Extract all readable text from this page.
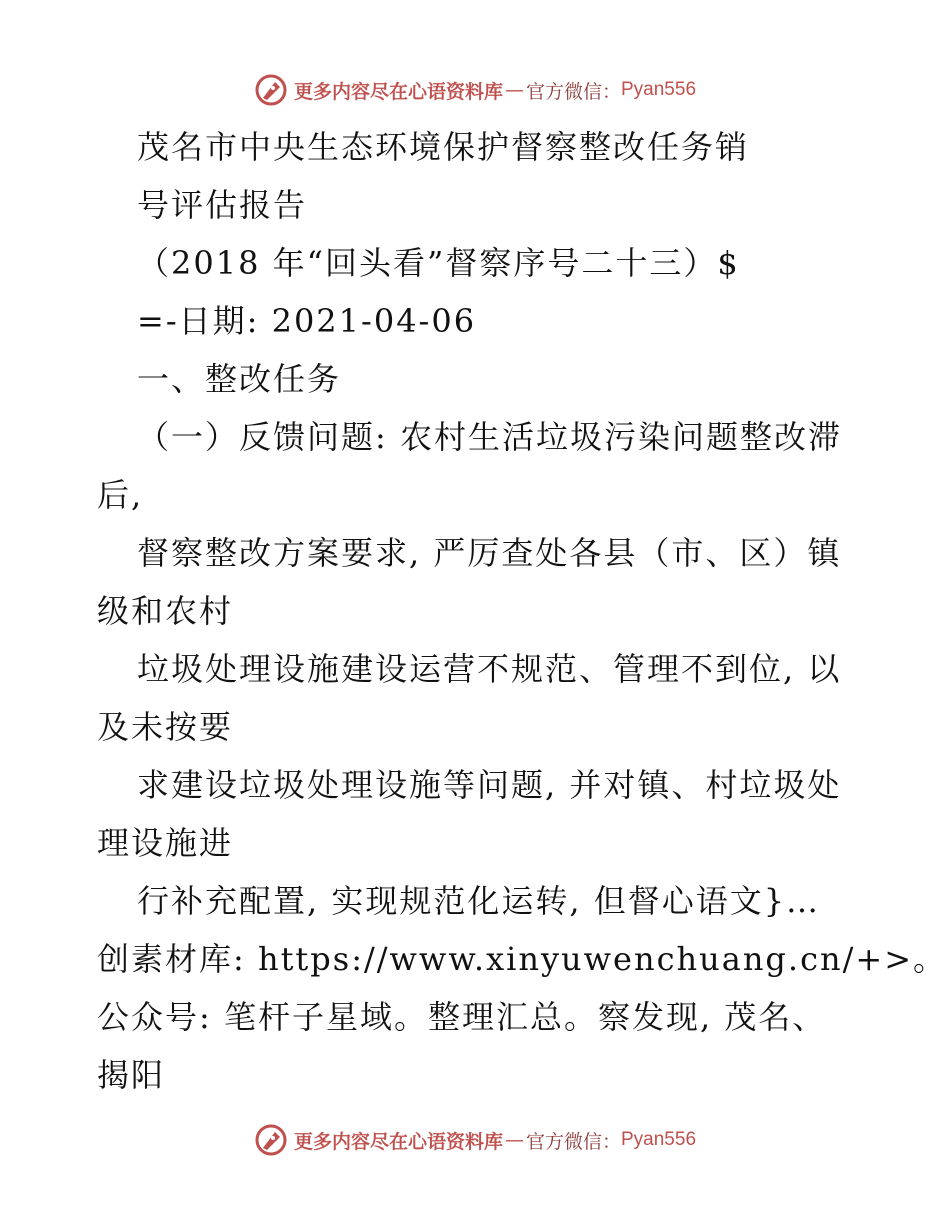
更多内容尽在心语资料库 — 官方微信： Pyan556
茂名市中央生态环境保护督察整改任务销
号评估报告
（2018 年“回头看”督察序号二十三）$
=-日期: 2021-04-06
一、整改任务
（一）反馈问题: 农村生活垃圾污染问题整改滞
后,
督察整改方案要求, 严厉查处各县（市、区）镇
级和农村
垃圾处理设施建设运营不规范、管理不到位, 以
及未按要
求建设垃圾处理设施等问题, 并对镇、村垃圾处
理设施进
行补充配置, 实现规范化运转, 但督心语文}…
创素材库: https://www.xinyuwenchuang.cn/+>。
公众号: 笔杆子星域。整理汇总。察发现, 茂名、
揭阳
更多内容尽在心语资料库 — 官方微信： Pyan556
